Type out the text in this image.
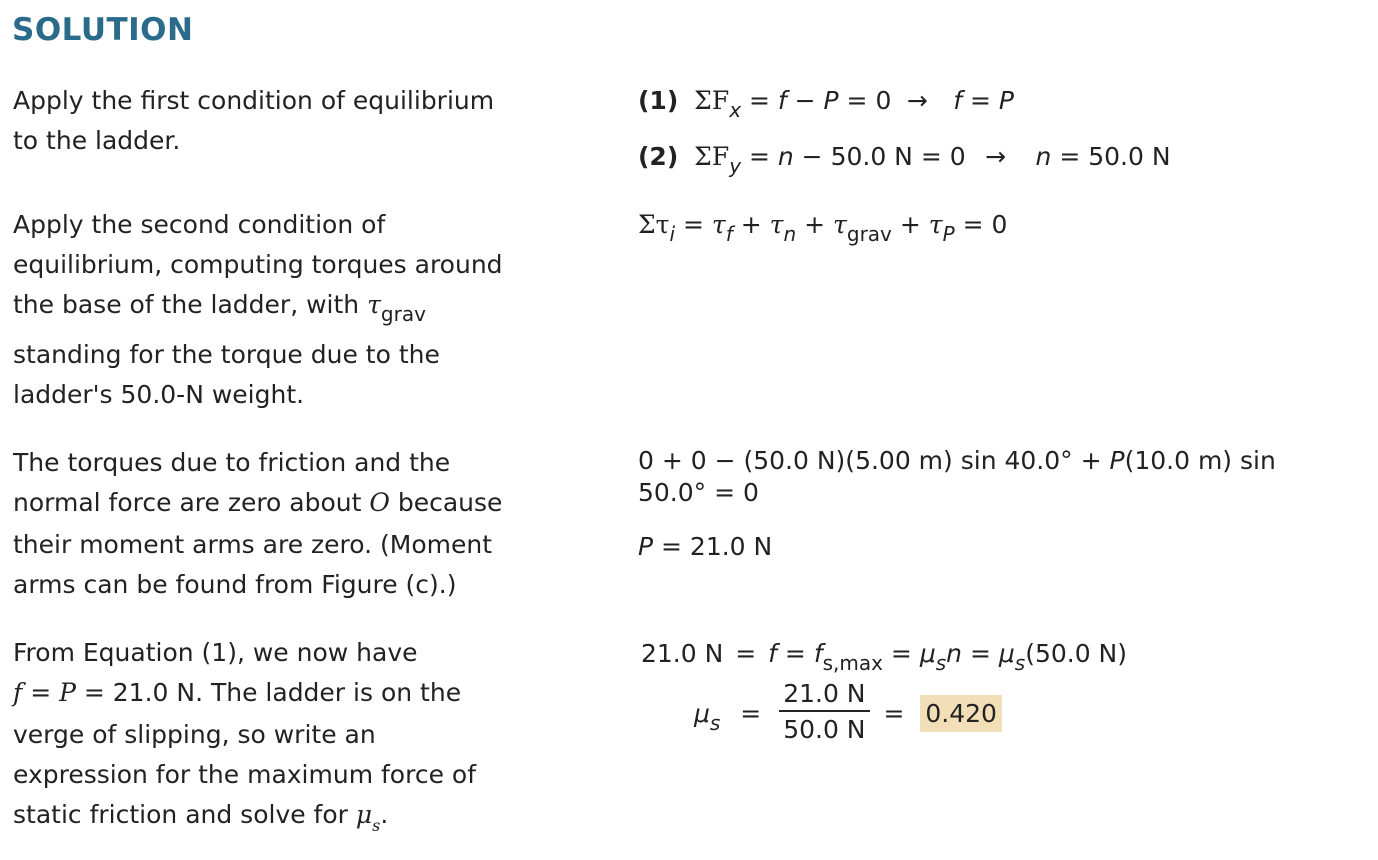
SOLUTION
Apply the first condition of equilibrium
to the ladder.
(1) $\Sigma F_x = f - P = 0 \to f = P$
(2) $\Sigma F_y = n - 50.0$ N = 0 → n = 50.0 N
Apply the second condition of
equilibrium, computing torques around
the base of the ladder, with $\tau_{grav}$
standing for the torque due to the
ladder's 50.0-N weight.
$\Sigma\tau_i = \tau_f + \tau_n + \tau_{grav} + \tau_P = 0$
The torques due to friction and the
normal force are zero about O because
their moment arms are zero. (Moment
arms can be found from Figure (c).)
0 + 0 − (50.0 N)(5.00 m) sin 40.0° + P(10.0 m) sin
50.0° = 0
P = 21.0 N
From Equation (1), we now have
f = P = 21.0 N. The ladder is on the
verge of slipping, so write an
expression for the maximum force of
static friction and solve for $\mu_s$.
21.0 $N = f = f_{s,max} = \mu_sn = \mu_s(50.0$ N)
$\mu_s = \frac{21.0 N}{50.0 N} = 0.420$
